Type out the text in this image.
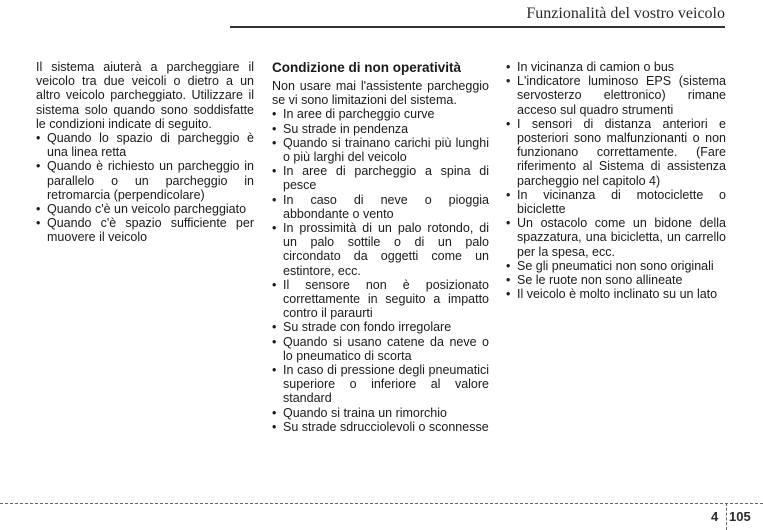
Funzionalità del vostro veicolo

Il sistema aiuterà a parcheggiare il veicolo tra due veicoli o dietro a un altro veicolo parcheggiato. Utilizzare il sistema solo quando sono soddisfatte le condizioni indicate di seguito.

• Quando lo spazio di parcheggio è una linea retta
• Quando è richiesto un parcheggio in parallelo o un parcheggio in retromarcia (perpendicolare)
• Quando c'è un veicolo parcheggiato
• Quando c'è spazio sufficiente per muovere il veicolo
Condizione di non operatività

Non usare mai l'assistente parcheggio se vi sono limitazioni del sistema.

• In aree di parcheggio curve
• Su strade in pendenza
• Quando si trainano carichi più lunghi o più larghi del veicolo
• In aree di parcheggio a spina di pesce
• In caso di neve o pioggia abbondante o vento
• In prossimità di un palo rotondo, di un palo sottile o di un palo circondato da oggetti come un estintore, ecc.
• Il sensore non è posizionato correttamente in seguito a impatto contro il paraurti
• Su strade con fondo irregolare
• Quando si usano catene da neve o lo pneumatico di scorta
• In caso di pressione degli pneumatici superiore o inferiore al valore standard
• Quando si traina un rimorchio
• Su strade sdrucciolevoli o sconnesse
• In vicinanza di camion o bus
• L'indicatore luminoso EPS (sistema servosterzo elettronico) rimane acceso sul quadro strumenti
• I sensori di distanza anteriori e posteriori sono malfunzionanti o non funzionano correttamente. (Fare riferimento al Sistema di assistenza parcheggio nel capitolo 4)
• In vicinanza di motociclette o biciclette
• Un ostacolo come un bidone della spazzatura, una bicicletta, un carrello per la spesa, ecc.
• Se gli pneumatici non sono originali
• Se le ruote non sono allineate
• Il veicolo è molto inclinato su un lato
4 105
